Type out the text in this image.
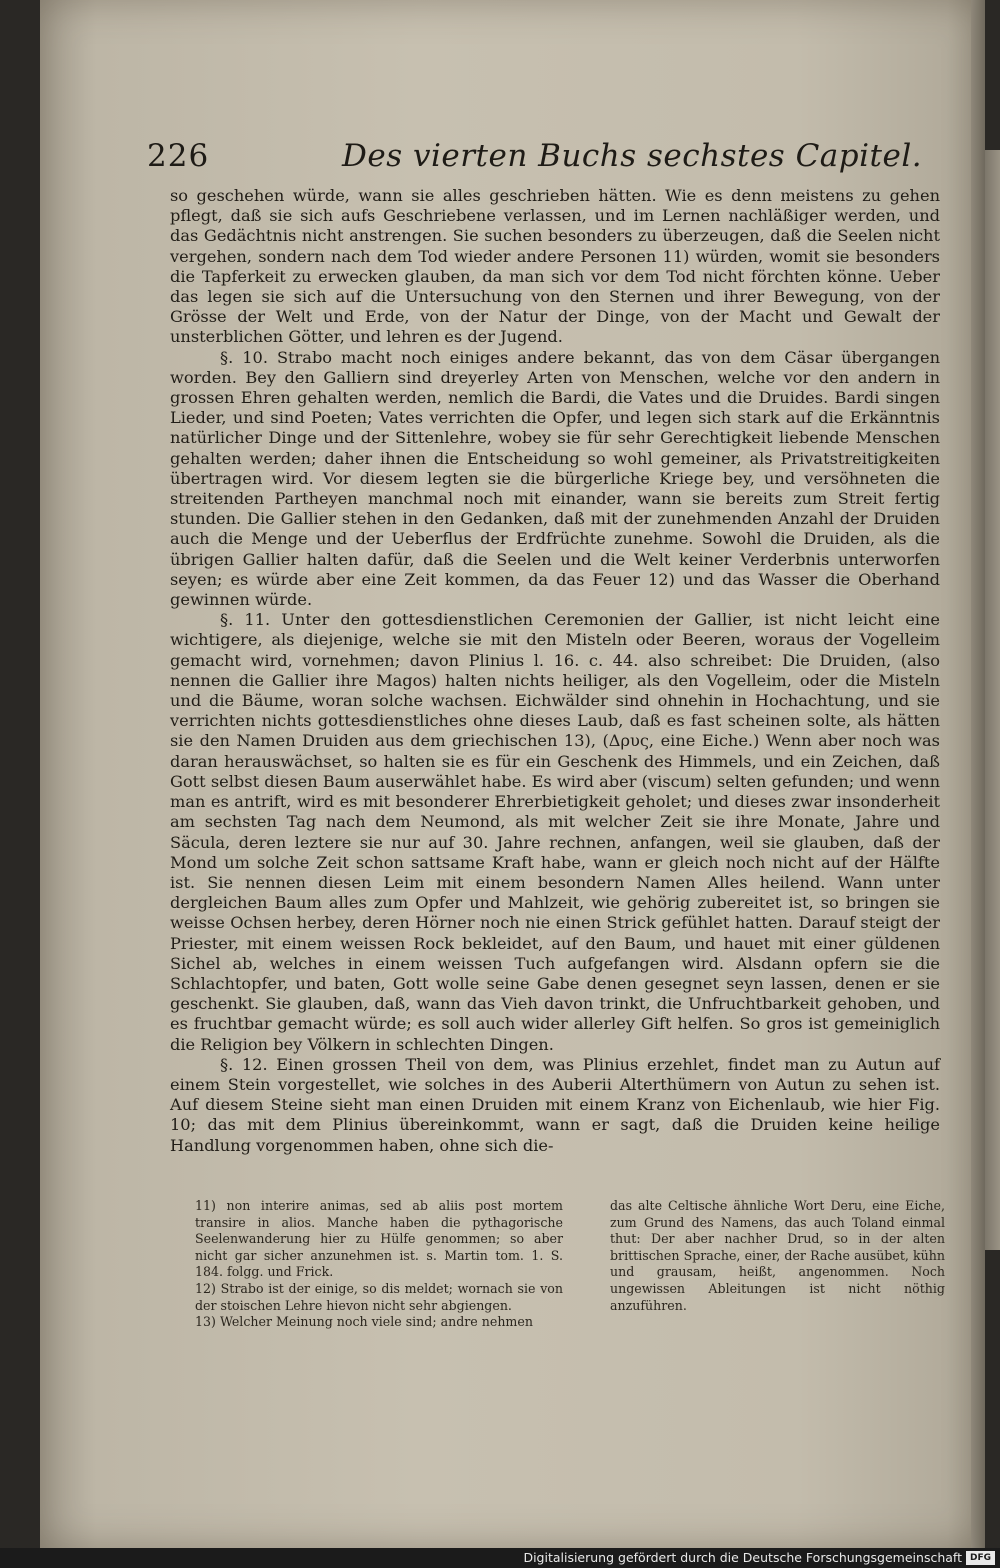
226	Des vierten Buchs sechstes Capitel.

so geschehen würde, wann sie alles geschrieben hätten. Wie es denn meistens zu gehen pflegt, daß sie sich aufs Geschriebene verlassen, und im Lernen nachläßiger werden, und das Gedächtnis nicht anstrengen. Sie suchen besonders zu überzeugen, daß die Seelen nicht vergehen, sondern nach dem Tod wieder andere Personen 11) würden, womit sie besonders die Tapferkeit zu erwecken glauben, da man sich vor dem Tod nicht förchten könne. Ueber das legen sie sich auf die Untersuchung von den Sternen und ihrer Bewegung, von der Grösse der Welt und Erde, von der Natur der Dinge, von der Macht und Gewalt der unsterblichen Götter, und lehren es der Jugend.

§. 10. Strabo macht noch einiges andere bekannt, das von dem Cäsar übergangen worden. Bey den Galliern sind dreyerley Arten von Menschen, welche vor den andern in grossen Ehren gehalten werden, nemlich die Bardi, die Vates und die Druides. Bardi singen Lieder, und sind Poeten; Vates verrichten die Opfer, und legen sich stark auf die Erkänntnis natürlicher Dinge und der Sittenlehre, wobey sie für sehr Gerechtigkeit liebende Menschen gehalten werden; daher ihnen die Entscheidung so wohl gemeiner, als Privatstreitigkeiten übertragen wird. Vor diesem legten sie die bürgerliche Kriege bey, und versöhneten die streitenden Partheyen manchmal noch mit einander, wann sie bereits zum Streit fertig stunden. Die Gallier stehen in den Gedanken, daß mit der zunehmenden Anzahl der Druiden auch die Menge und der Ueberflus der Erdfrüchte zunehme. Sowohl die Druiden, als die übrigen Gallier halten dafür, daß die Seelen und die Welt keiner Verderbnis unterworfen seyen; es würde aber eine Zeit kommen, da das Feuer 12) und das Wasser die Oberhand gewinnen würde.

§. 11. Unter den gottesdienstlichen Ceremonien der Gallier, ist nicht leicht eine wichtigere, als diejenige, welche sie mit den Misteln oder Beeren, woraus der Vogelleim gemacht wird, vornehmen; davon Plinius l. 16. c. 44. also schreibet: Die Druiden, (also nennen die Gallier ihre Magos) halten nichts heiliger, als den Vogelleim, oder die Misteln und die Bäume, woran solche wachsen. Eichwälder sind ohnehin in Hochachtung, und sie verrichten nichts gottesdienstliches ohne dieses Laub, daß es fast scheinen solte, als hätten sie den Namen Druiden aus dem griechischen 13), (Δρυς, eine Eiche.) Wenn aber noch was daran herauswächset, so halten sie es für ein Geschenk des Himmels, und ein Zeichen, daß Gott selbst diesen Baum auserwählet habe. Es wird aber (viscum) selten gefunden; und wenn man es antrift, wird es mit besonderer Ehrerbietigkeit geholet; und dieses zwar insonderheit am sechsten Tag nach dem Neumond, als mit welcher Zeit sie ihre Monate, Jahre und Säcula, deren leztere sie nur auf 30. Jahre rechnen, anfangen, weil sie glauben, daß der Mond um solche Zeit schon sattsame Kraft habe, wann er gleich noch nicht auf der Hälfte ist. Sie nennen diesen Leim mit einem besondern Namen Alles heilend. Wann unter dergleichen Baum alles zum Opfer und Mahlzeit, wie gehörig zubereitet ist, so bringen sie weisse Ochsen herbey, deren Hörner noch nie einen Strick gefühlet hatten. Darauf steigt der Priester, mit einem weissen Rock bekleidet, auf den Baum, und hauet mit einer güldenen Sichel ab, welches in einem weissen Tuch aufgefangen wird. Alsdann opfern sie die Schlachtopfer, und baten, Gott wolle seine Gabe denen gesegnet seyn lassen, denen er sie geschenkt. Sie glauben, daß, wann das Vieh davon trinkt, die Unfruchtbarkeit gehoben, und es fruchtbar gemacht würde; es soll auch wider allerley Gift helfen. So gros ist gemeiniglich die Religion bey Völkern in schlechten Dingen.

§. 12. Einen grossen Theil von dem, was Plinius erzehlet, findet man zu Autun auf einem Stein vorgestellet, wie solches in des Auberii Alterthümern von Autun zu sehen ist. Auf diesem Steine sieht man einen Druiden mit einem Kranz von Eichenlaub, wie hier Fig. 10; das mit dem Plinius übereinkommt, wann er sagt, daß die Druiden keine heilige Handlung vorgenommen haben, ohne sich die-

11) non interire animas, sed ab aliis post mortem transire in alios. Manche haben die pythagorische Seelenwanderung hier zu Hülfe genommen; so aber nicht gar sicher anzunehmen ist. s. Martin tom. 1. S. 184. folgg. und Frick.

12) Strabo ist der einige, so dis meldet; wornach sie von der stoischen Lehre hievon nicht sehr abgiengen.

13) Welcher Meinung noch viele sind; andre nehmen

das alte Celtische ähnliche Wort Deru, eine Eiche, zum Grund des Namens, das auch Toland einmal thut: Der aber nachher Drud, so in der alten brittischen Sprache, einer, der Rache ausübet, kühn und grausam, heißt, angenommen. Noch ungewissen Ableitungen ist nicht nöthig anzuführen.

Digitalisierung gefördert durch die Deutsche Forschungsgemeinschaft DFG
